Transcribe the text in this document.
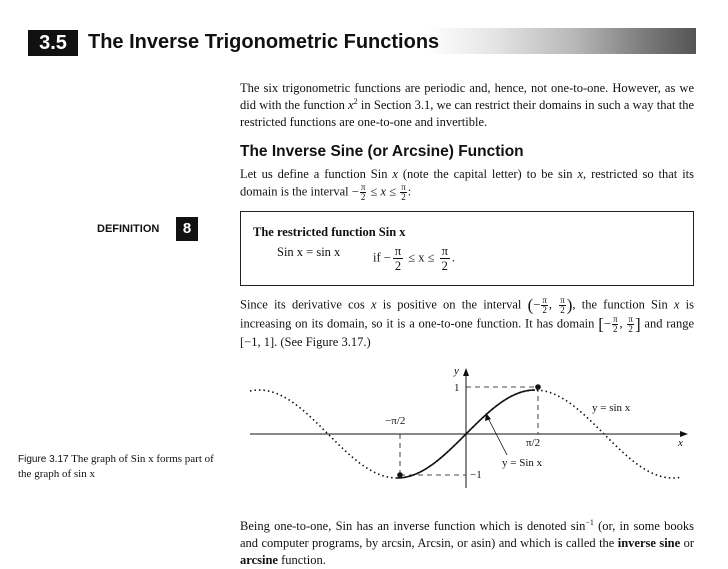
3.5	The Inverse Trigonometric Functions

The six trigonometric functions are periodic and, hence, not one-to-one. However, as we did with the function $x^2$ in Section 3.1, we can restrict their domains in such a way that the restricted functions are one-to-one and invertible.

The Inverse Sine (or Arcsine) Function

Let us define a function Sin x (note the capital letter) to be sin x, restricted so that its domain is the interval − $\frac{\pi}{2} \le x \le \frac{\pi}{2}$ :

DEFINITION	8	The restricted function Sin x
Sin x = sin x	if − $\frac{\pi}{2} \le x \le \frac{\pi}{2}$ .

Since its derivative cos x is positive on the interval (− $\frac{\pi}{2}$ , $\frac{\pi}{2}$ ), the function Sin x is increasing on its domain, so it is a one-to-one function. It has domain [− $\frac{\pi}{2}$ , $\frac{\pi}{2}$ ] and range [−1, 1]. (See Figure 3.17.)

y
x
1
−1
−π/2
π/2
y = sin x
y = Sin x
Figure 3.17 The graph of Sin x forms part of the graph of sin x

Being one-to-one, Sin has an inverse function which is denoted $\sin^{-1} (or$, in some books and computer programs, by arcsin, Arcsin, or asin) and which is called the inverse sine or arcsine function.
